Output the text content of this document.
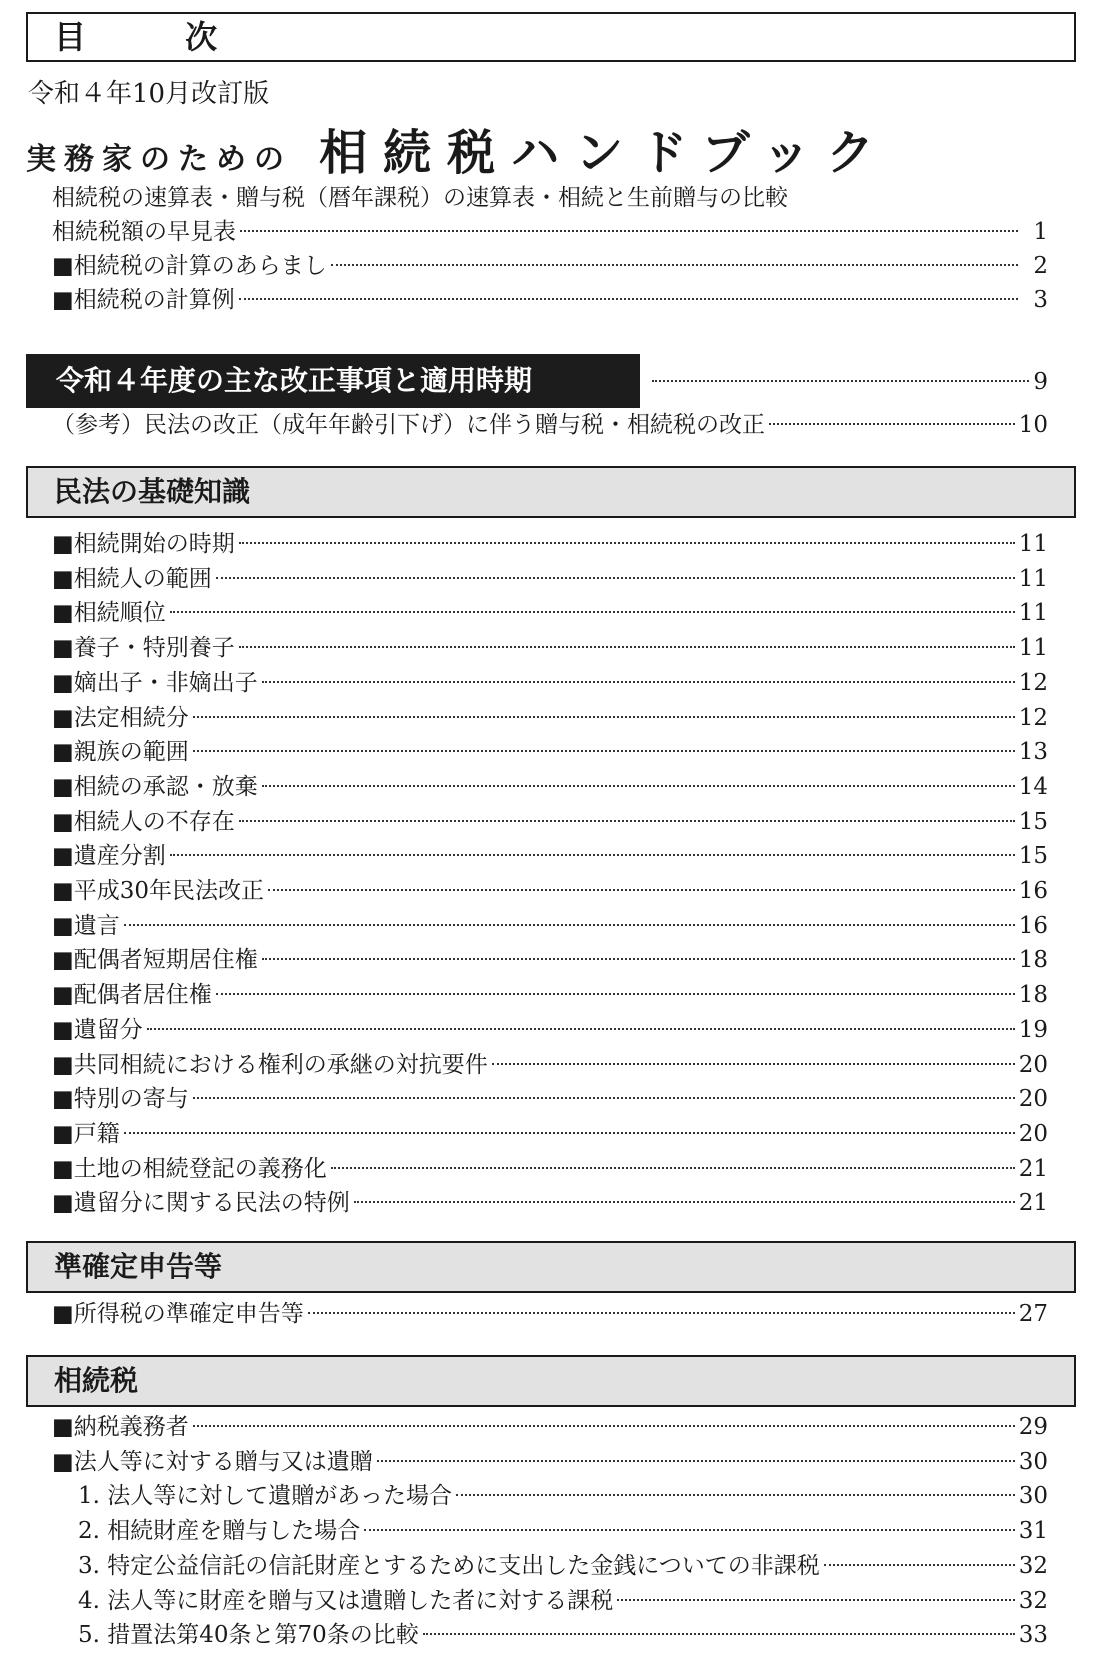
目 次
令和４年10月改訂版
実務家のための 相続税ハンドブック
相続税の速算表・贈与税（暦年課税）の速算表・相続と生前贈与の比較
相続税額の早見表	1
■相続税の計算のあらまし	2
■相続税の計算例	3
令和４年度の主な改正事項と適用時期	9
（参考）民法の改正（成年年齢引下げ）に伴う贈与税・相続税の改正	10
民法の基礎知識
■相続開始の時期	11
■相続人の範囲	11
■相続順位	11
■養子・特別養子	11
■嫡出子・非嫡出子	12
■法定相続分	12
■親族の範囲	13
■相続の承認・放棄	14
■相続人の不存在	15
■遺産分割	15
■平成30年民法改正	16
■遺言	16
■配偶者短期居住権	18
■配偶者居住権	18
■遺留分	19
■共同相続における権利の承継の対抗要件	20
■特別の寄与	20
■戸籍	20
■土地の相続登記の義務化	21
■遺留分に関する民法の特例	21
準確定申告等
■所得税の準確定申告等	27
相続税
■納税義務者	29
■法人等に対する贈与又は遺贈	30
1. 法人等に対して遺贈があった場合	30
2. 相続財産を贈与した場合	31
3. 特定公益信託の信託財産とするために支出した金銭についての非課税	32
4. 法人等に財産を贈与又は遺贈した者に対する課税	32
5. 措置法第40条と第70条の比較	33
